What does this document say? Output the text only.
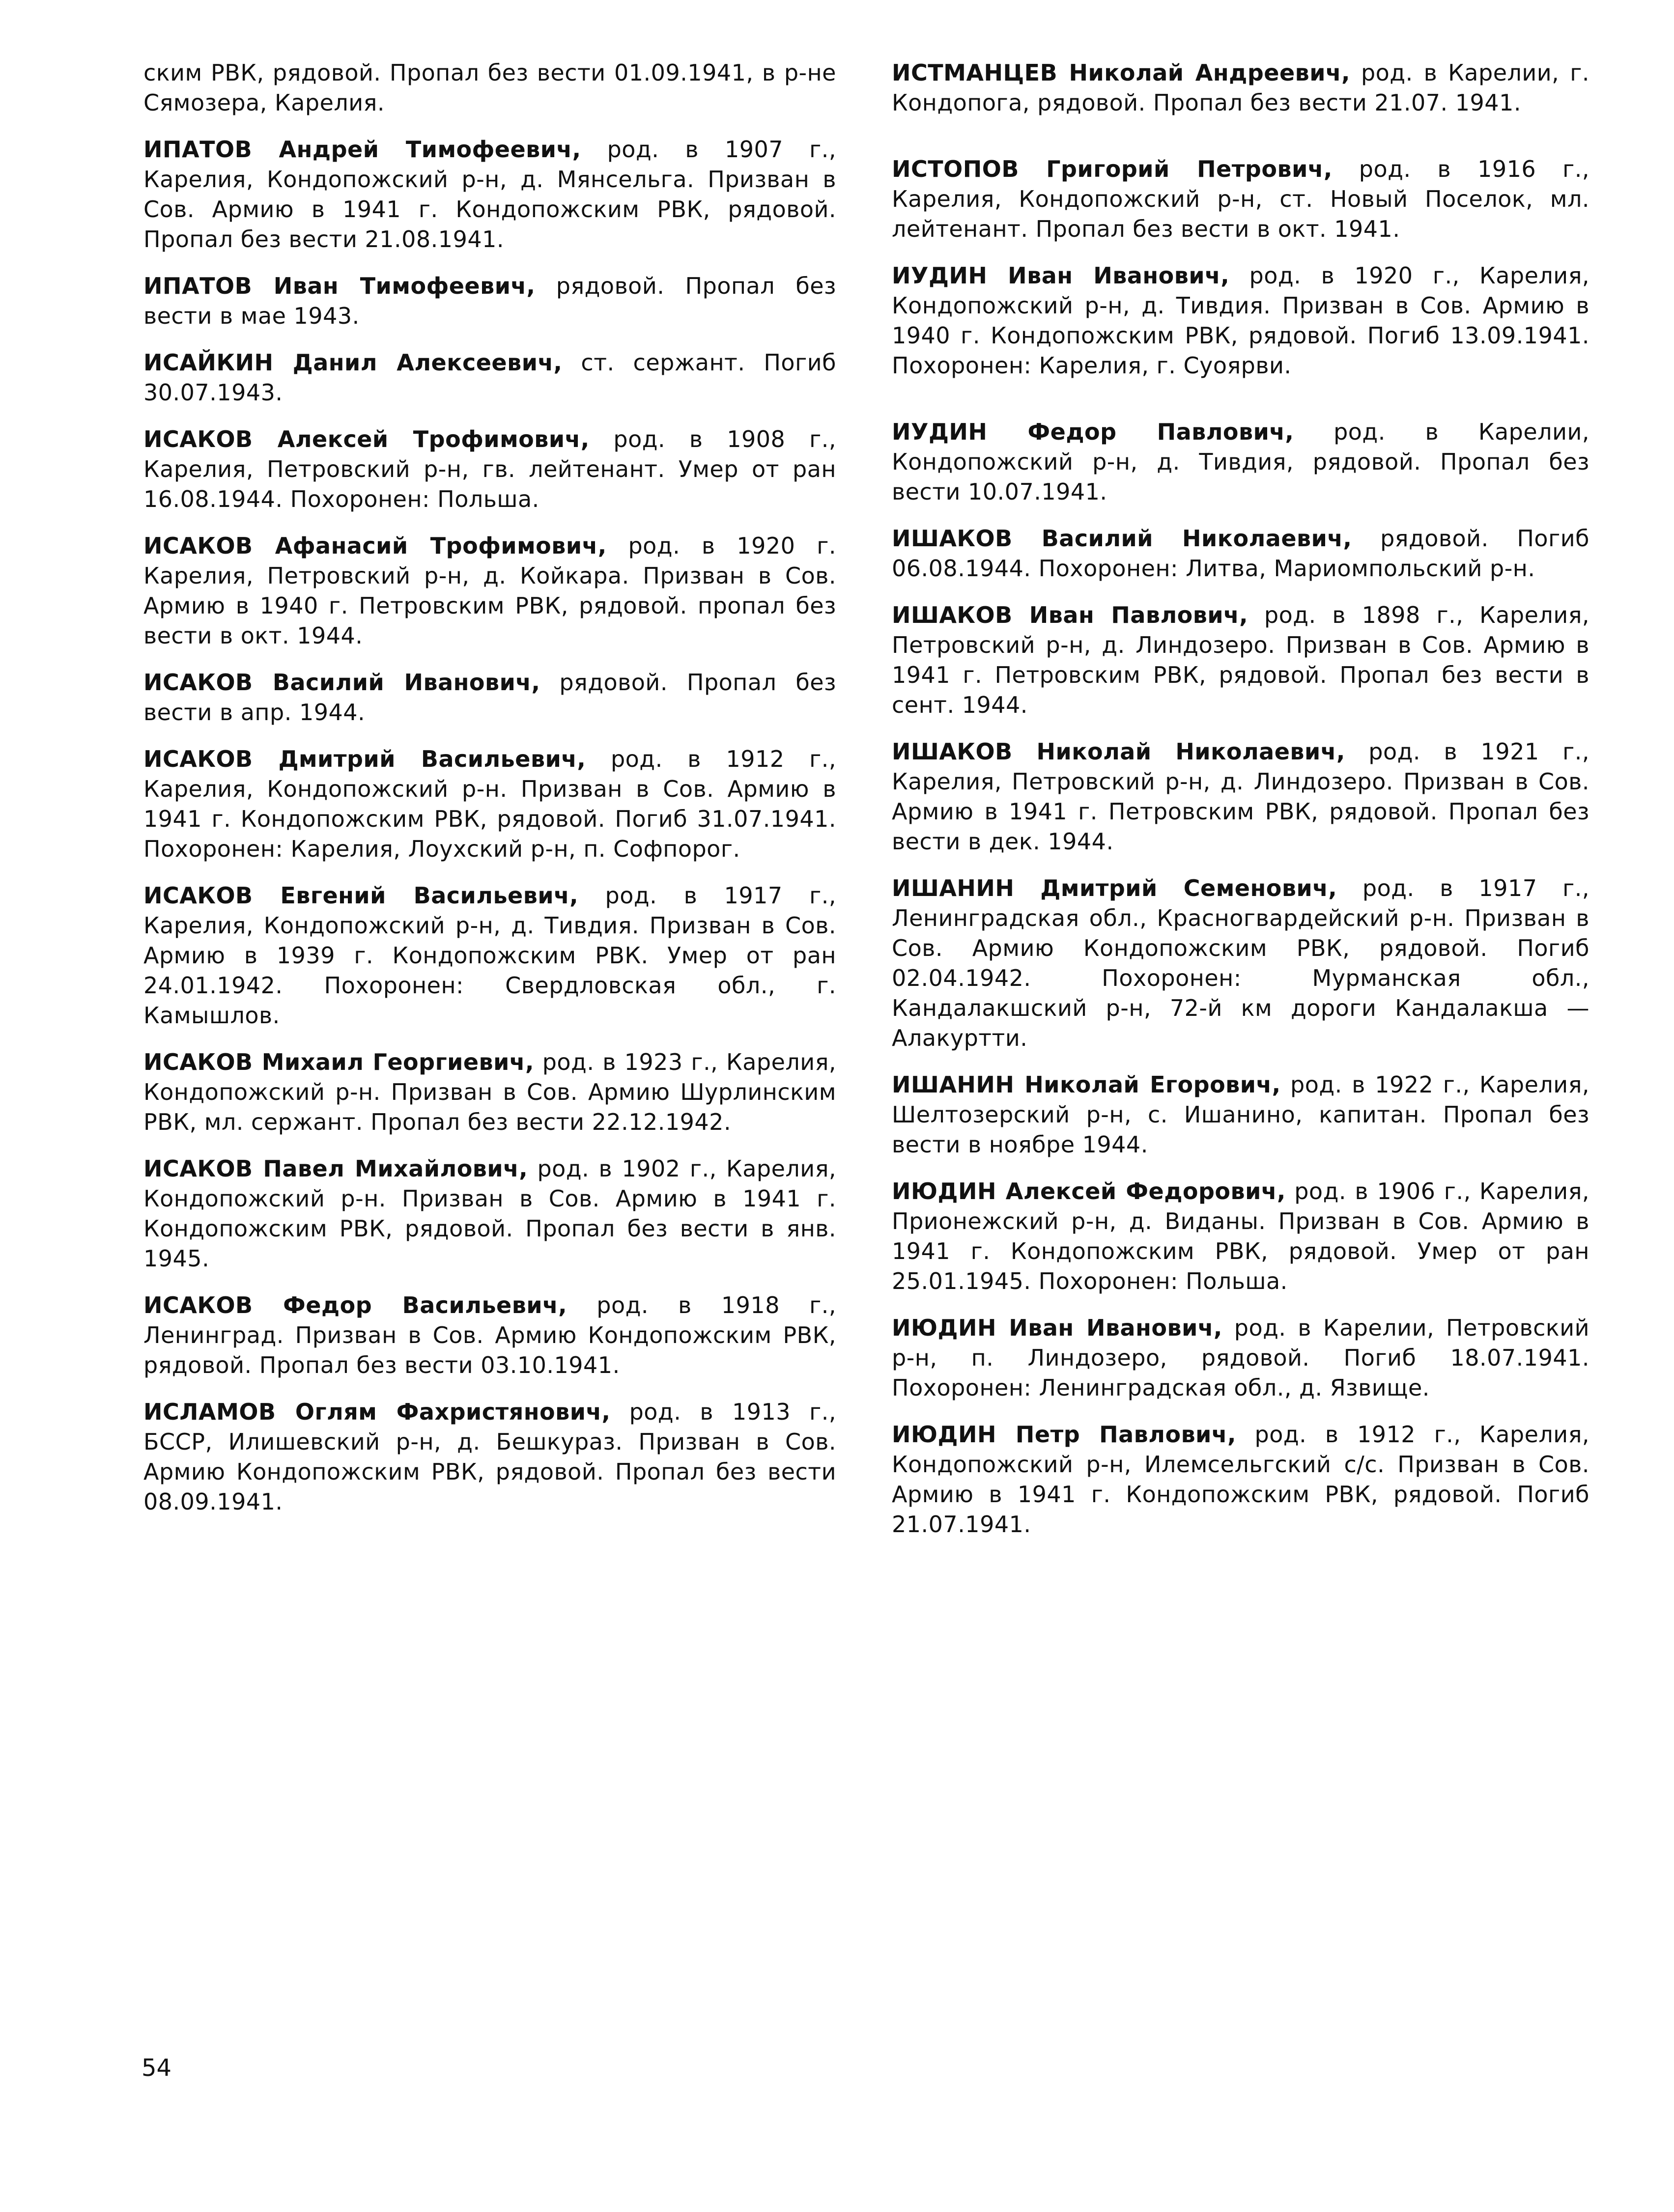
ским РВК, рядовой. Пропал без вести 01.09.1941, в р-не Сямозера, Карелия.

ИПАТОВ Андрей Тимофеевич, род. в 1907 г., Карелия, Кондопожский р-н, д. Мянсельга. Призван в Сов. Армию в 1941 г. Кондопожским РВК, рядовой. Пропал без вести 21.08.1941.

ИПАТОВ Иван Тимофеевич, рядовой. Пропал без вести в мае 1943.

ИСАЙКИН Данил Алексеевич, ст. сержант. Погиб 30.07.1943.

ИСАКОВ Алексей Трофимович, род. в 1908 г., Карелия, Петровский р-н, гв. лейтенант. Умер от ран 16.08.1944. Похоронен: Польша.

ИСАКОВ Афанасий Трофимович, род. в 1920 г. Карелия, Петровский р-н, д. Койкара. Призван в Сов. Армию в 1940 г. Петровским РВК, рядовой. пропал без вести в окт. 1944.

ИСАКОВ Василий Иванович, рядовой. Пропал без вести в апр. 1944.

ИСАКОВ Дмитрий Васильевич, род. в 1912 г., Карелия, Кондопожский р-н. Призван в Сов. Армию в 1941 г. Кондопожским РВК, рядовой. Погиб 31.07.1941. Похоронен: Карелия, Лоухский р-н, п. Софпорог.

ИСАКОВ Евгений Васильевич, род. в 1917 г., Карелия, Кондопожский р-н, д. Тивдия. Призван в Сов. Армию в 1939 г. Кондопожским РВК. Умер от ран 24.01.1942. Похоронен: Свердловская обл., г. Камышлов.

ИСАКОВ Михаил Георгиевич, род. в 1923 г., Карелия, Кондопожский р-н. Призван в Сов. Армию Шурлинским РВК, мл. сержант. Пропал без вести 22.12.1942.

ИСАКОВ Павел Михайлович, род. в 1902 г., Карелия, Кондопожский р-н. Призван в Сов. Армию в 1941 г. Кондопожским РВК, рядовой. Пропал без вести в янв. 1945.

ИСАКОВ Федор Васильевич, род. в 1918 г., Ленинград. Призван в Сов. Армию Кондопожским РВК, рядовой. Пропал без вести 03.10.1941.

ИСЛАМОВ Оглям Фахристянович, род. в 1913 г., БССР, Илишевский р-н, д. Бешкураз. Призван в Сов. Армию Кондопожским РВК, рядовой. Пропал без вести 08.09.1941.

ИСТМАНЦЕВ Николай Андреевич, род. в Карелии, г. Кондопога, рядовой. Пропал без вести 21.07. 1941.

ИСТОПОВ Григорий Петрович, род. в 1916 г., Карелия, Кондопожский р-н, ст. Новый Поселок, мл. лейтенант. Пропал без вести в окт. 1941.

ИУДИН Иван Иванович, род. в 1920 г., Карелия, Кондопожский р-н, д. Тивдия. Призван в Сов. Армию в 1940 г. Кондопожским РВК, рядовой. Погиб 13.09.1941. Похоронен: Карелия, г. Суоярви.

ИУДИН Федор Павлович, род. в Карелии, Кондопожский р-н, д. Тивдия, рядовой. Пропал без вести 10.07.1941.

ИШАКОВ Василий Николаевич, рядовой. Погиб 06.08.1944. Похоронен: Литва, Мариомпольский р-н.

ИШАКОВ Иван Павлович, род. в 1898 г., Карелия, Петровский р-н, д. Линдозеро. Призван в Сов. Армию в 1941 г. Петровским РВК, рядовой. Пропал без вести в сент. 1944.

ИШАКОВ Николай Николаевич, род. в 1921 г., Карелия, Петровский р-н, д. Линдозеро. Призван в Сов. Армию в 1941 г. Петровским РВК, рядовой. Пропал без вести в дек. 1944.

ИШАНИН Дмитрий Семенович, род. в 1917 г., Ленинградская обл., Красногвардейский р-н. Призван в Сов. Армию Кондопожским РВК, рядовой. Погиб 02.04.1942. Похоронен: Мурманская обл., Кандалакшский р-н, 72-й км дороги Кандалакша — Алакуртти.

ИШАНИН Николай Егорович, род. в 1922 г., Карелия, Шелтозерский р-н, с. Ишанино, капитан. Пропал без вести в ноябре 1944.

ИЮДИН Алексей Федорович, род. в 1906 г., Карелия, Прионежский р-н, д. Виданы. Призван в Сов. Армию в 1941 г. Кондопожским РВК, рядовой. Умер от ран 25.01.1945. Похоронен: Польша.

ИЮДИН Иван Иванович, род. в Карелии, Петровский р-н, п. Линдозеро, рядовой. Погиб 18.07.1941. Похоронен: Ленинградская обл., д. Язвище.

ИЮДИН Петр Павлович, род. в 1912 г., Карелия, Кондопожский р-н, Илемсельгский с/с. Призван в Сов. Армию в 1941 г. Кондопожским РВК, рядовой. Погиб 21.07.1941.

54
